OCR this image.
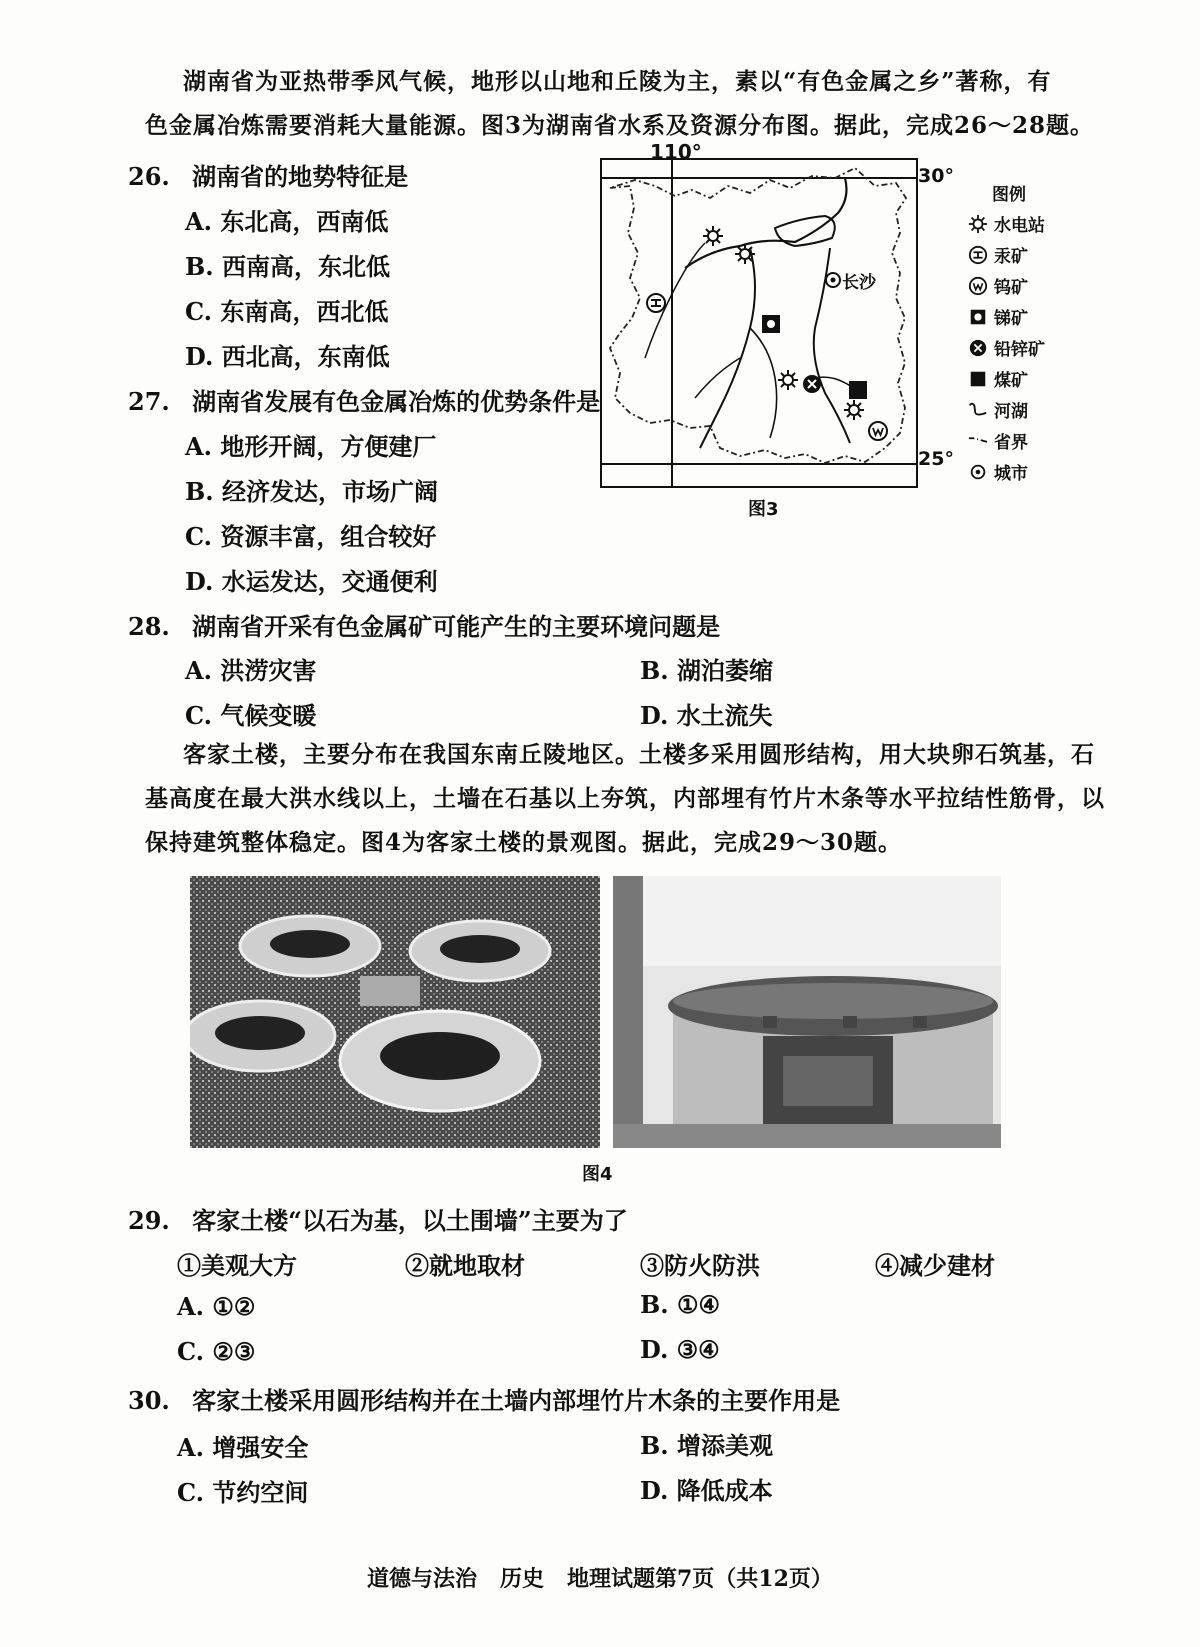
湖南省为亚热带季风气候，地形以山地和丘陵为主，素以“有色金属之乡”著称，有
色金属冶炼需要消耗大量能源。图3为湖南省水系及资源分布图。据此，完成26～28题。
26. 湖南省的地势特征是
A. 东北高，西南低
B. 西南高，东北低
C. 东南高，西北低
D. 西北高，东南低
27. 湖南省发展有色金属冶炼的优势条件是
A. 地形开阔，方便建厂
B. 经济发达，市场广阔
C. 资源丰富，组合较好
D. 水运发达，交通便利
110°
30°
25°
长沙
图例
水电站
汞矿
钨矿
锑矿
铅锌矿
煤矿
河湖
省界
城市
图3
28. 湖南省开采有色金属矿可能产生的主要环境问题是
A. 洪涝灾害	B. 湖泊萎缩
C. 气候变暖	D. 水土流失
客家土楼，主要分布在我国东南丘陵地区。土楼多采用圆形结构，用大块卵石筑基，石
基高度在最大洪水线以上，土墙在石基以上夯筑，内部埋有竹片木条等水平拉结性筋骨，以
保持建筑整体稳定。图4为客家土楼的景观图。据此，完成29～30题。
图4
29. 客家土楼“以石为基，以土围墙”主要为了
①美观大方	②就地取材	③防火防洪	④减少建材
A. ①②	B. ①④
C. ②③	D. ③④
30. 客家土楼采用圆形结构并在土墙内部埋竹片木条的主要作用是
A. 增强安全	B. 增添美观
C. 节约空间	D. 降低成本
道德与法治   历史   地理试题第7页（共12页）
